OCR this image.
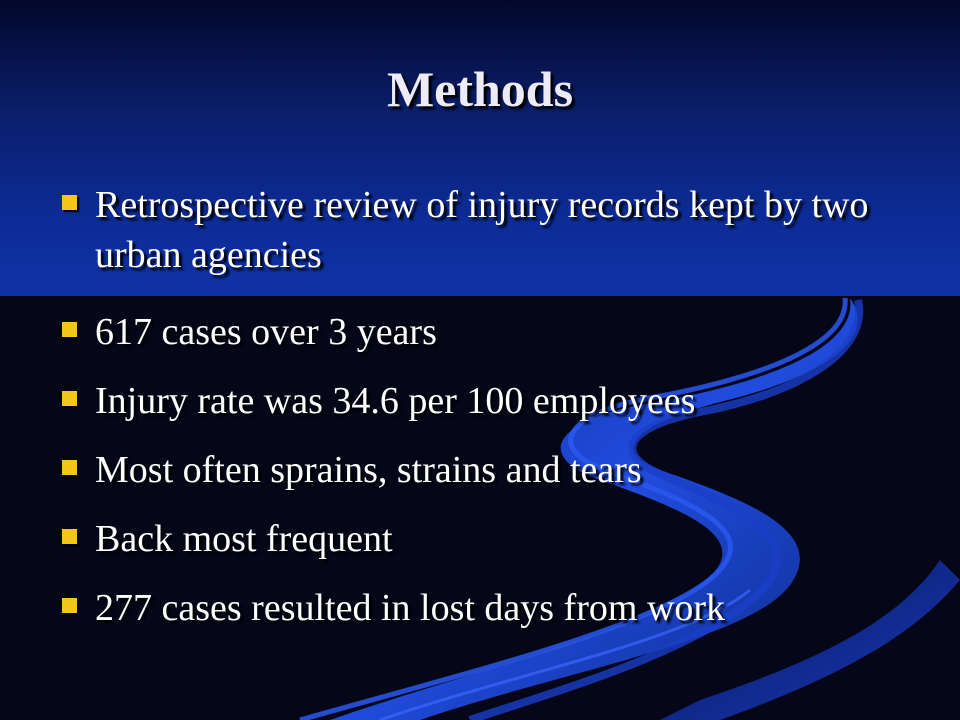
Methods
Retrospective review of injury records kept by two urban agencies
617 cases over 3 years
Injury rate was 34.6 per 100 employees
Most often sprains, strains and tears
Back most frequent
277 cases resulted in lost days from work
